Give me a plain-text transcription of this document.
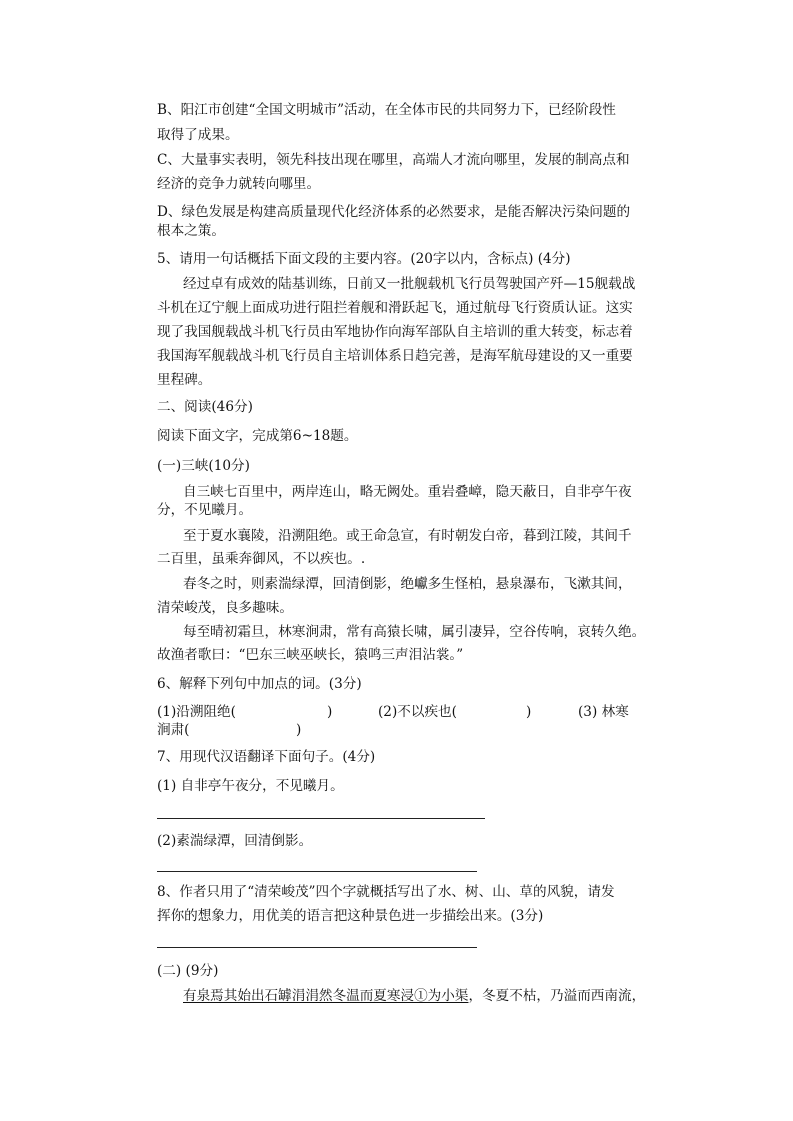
B、阳江市创建“全国文明城市”活动，在全体市民的共同努力下，已经阶段性
取得了成果。
C、大量事实表明，领先科技出现在哪里，高端人才流向哪里，发展的制高点和
经济的竞争力就转向哪里。
D、绿色发展是构建高质量现代化经济体系的必然要求，是能否解决污染问题的
根本之策。
5、请用一句话概括下面文段的主要内容。(20字以内，含标点) (4分)
经过卓有成效的陆基训练，日前又一批舰载机飞行员驾驶国产歼—15舰载战
斗机在辽宁舰上面成功进行阻拦着舰和滑跃起飞，通过航母飞行资质认证。这实
现了我国舰载战斗机飞行员由军地协作向海军部队自主培训的重大转变，标志着
我国海军舰载战斗机飞行员自主培训体系日趋完善，是海军航母建设的又一重要
里程碑。
二、阅读(46分)
阅读下面文字，完成第6~18题。
(一)三峡(10分)
自三峡七百里中，两岸连山，略无阙处。重岩叠嶂，隐天蔽日，自非亭午夜
分，不见曦月。
至于夏水襄陵，沿溯阻绝。或王命急宣，有时朝发白帝，暮到江陵，其间千
二百里，虽乘奔御风，不以疾也。.
春冬之时，则素湍绿潭，回清倒影，绝巘多生怪柏，悬泉瀑布，飞漱其间，
清荣峻茂，良多趣味。
每至晴初霜旦，林寒涧肃，常有高猿长啸，属引凄异，空谷传响，哀转久绝。
故渔者歌曰：“巴东三峡巫峡长，猿鸣三声泪沾裳。”
6、解释下列句中加点的词。(3分)
(1)沿溯阻绝(	)	(2)不以疾也(	)	(3) 林寒
涧肃(	)
7、用现代汉语翻译下面句子。(4分)
(1) 自非亭午夜分，不见曦月。
(2)素湍绿潭，回清倒影。
8、作者只用了“清荣峻茂”四个字就概括写出了水、树、山、草的风貌，请发
挥你的想象力，用优美的语言把这种景色进一步描绘出来。(3分)
(二) (9分)
有泉焉其始出石罅涓涓然冬温而夏寒浸①为小渠，冬夏不枯，乃溢而西南流，
